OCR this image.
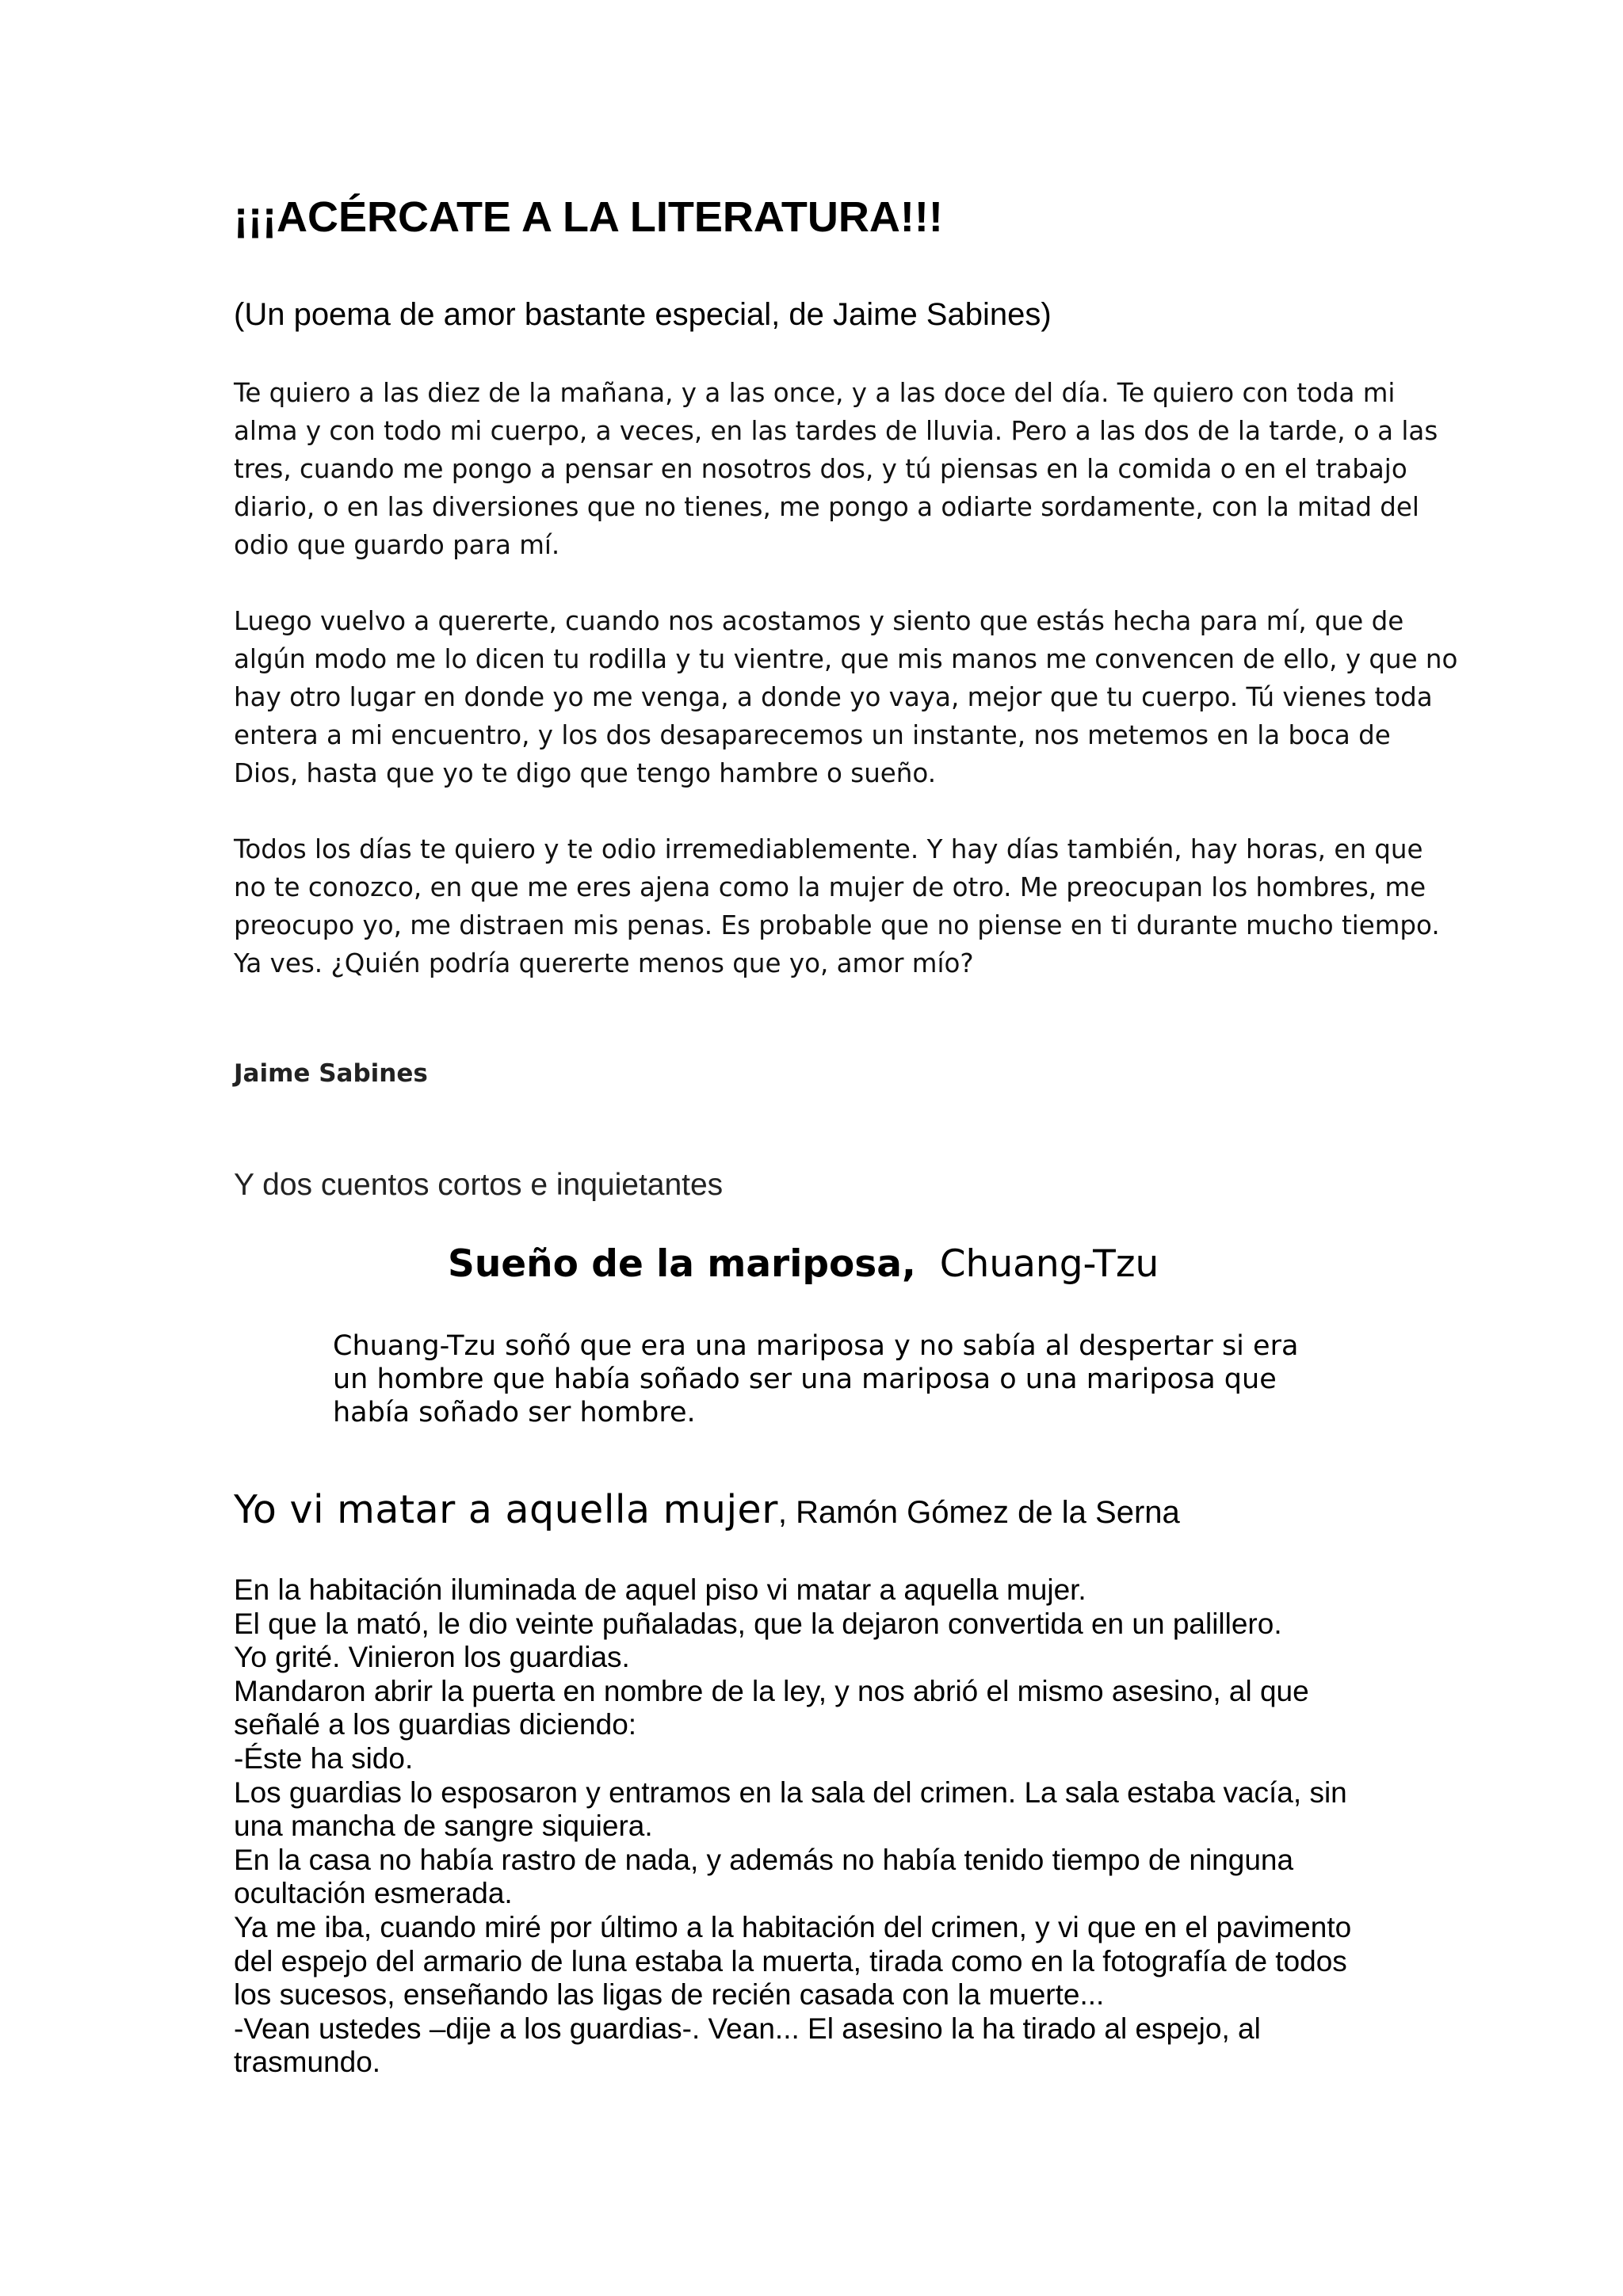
¡¡¡ACÉRCATE A LA LITERATURA!!!
(Un poema de amor bastante especial, de Jaime Sabines)
Te quiero a las diez de la mañana, y a las once, y a las doce del día. Te quiero con toda mi
alma y con todo mi cuerpo, a veces, en las tardes de lluvia. Pero a las dos de la tarde, o a las
tres, cuando me pongo a pensar en nosotros dos, y tú piensas en la comida o en el trabajo
diario, o en las diversiones que no tienes, me pongo a odiarte sordamente, con la mitad del
odio que guardo para mí.
Luego vuelvo a quererte, cuando nos acostamos y siento que estás hecha para mí, que de
algún modo me lo dicen tu rodilla y tu vientre, que mis manos me convencen de ello, y que no
hay otro lugar en donde yo me venga, a donde yo vaya, mejor que tu cuerpo. Tú vienes toda
entera a mi encuentro, y los dos desaparecemos un instante, nos metemos en la boca de
Dios, hasta que yo te digo que tengo hambre o sueño.
Todos los días te quiero y te odio irremediablemente. Y hay días también, hay horas, en que
no te conozco, en que me eres ajena como la mujer de otro. Me preocupan los hombres, me
preocupo yo, me distraen mis penas. Es probable que no piense en ti durante mucho tiempo.
Ya ves. ¿Quién podría quererte menos que yo, amor mío?
Jaime Sabines
Y dos cuentos cortos e inquietantes
Sueño de la mariposa, Chuang-Tzu
Chuang-Tzu soñó que era una mariposa y no sabía al despertar si era
un hombre que había soñado ser una mariposa o una mariposa que
había soñado ser hombre.
Yo vi matar a aquella mujer, Ramón Gómez de la Serna
En la habitación iluminada de aquel piso vi matar a aquella mujer.
El que la mató, le dio veinte puñaladas, que la dejaron convertida en un palillero.
Yo grité. Vinieron los guardias.
Mandaron abrir la puerta en nombre de la ley, y nos abrió el mismo asesino, al que
señalé a los guardias diciendo:
-Éste ha sido.
Los guardias lo esposaron y entramos en la sala del crimen. La sala estaba vacía, sin
una mancha de sangre siquiera.
En la casa no había rastro de nada, y además no había tenido tiempo de ninguna
ocultación esmerada.
Ya me iba, cuando miré por último a la habitación del crimen, y vi que en el pavimento
del espejo del armario de luna estaba la muerta, tirada como en la fotografía de todos
los sucesos, enseñando las ligas de recién casada con la muerte...
-Vean ustedes –dije a los guardias-. Vean... El asesino la ha tirado al espejo, al
trasmundo.
